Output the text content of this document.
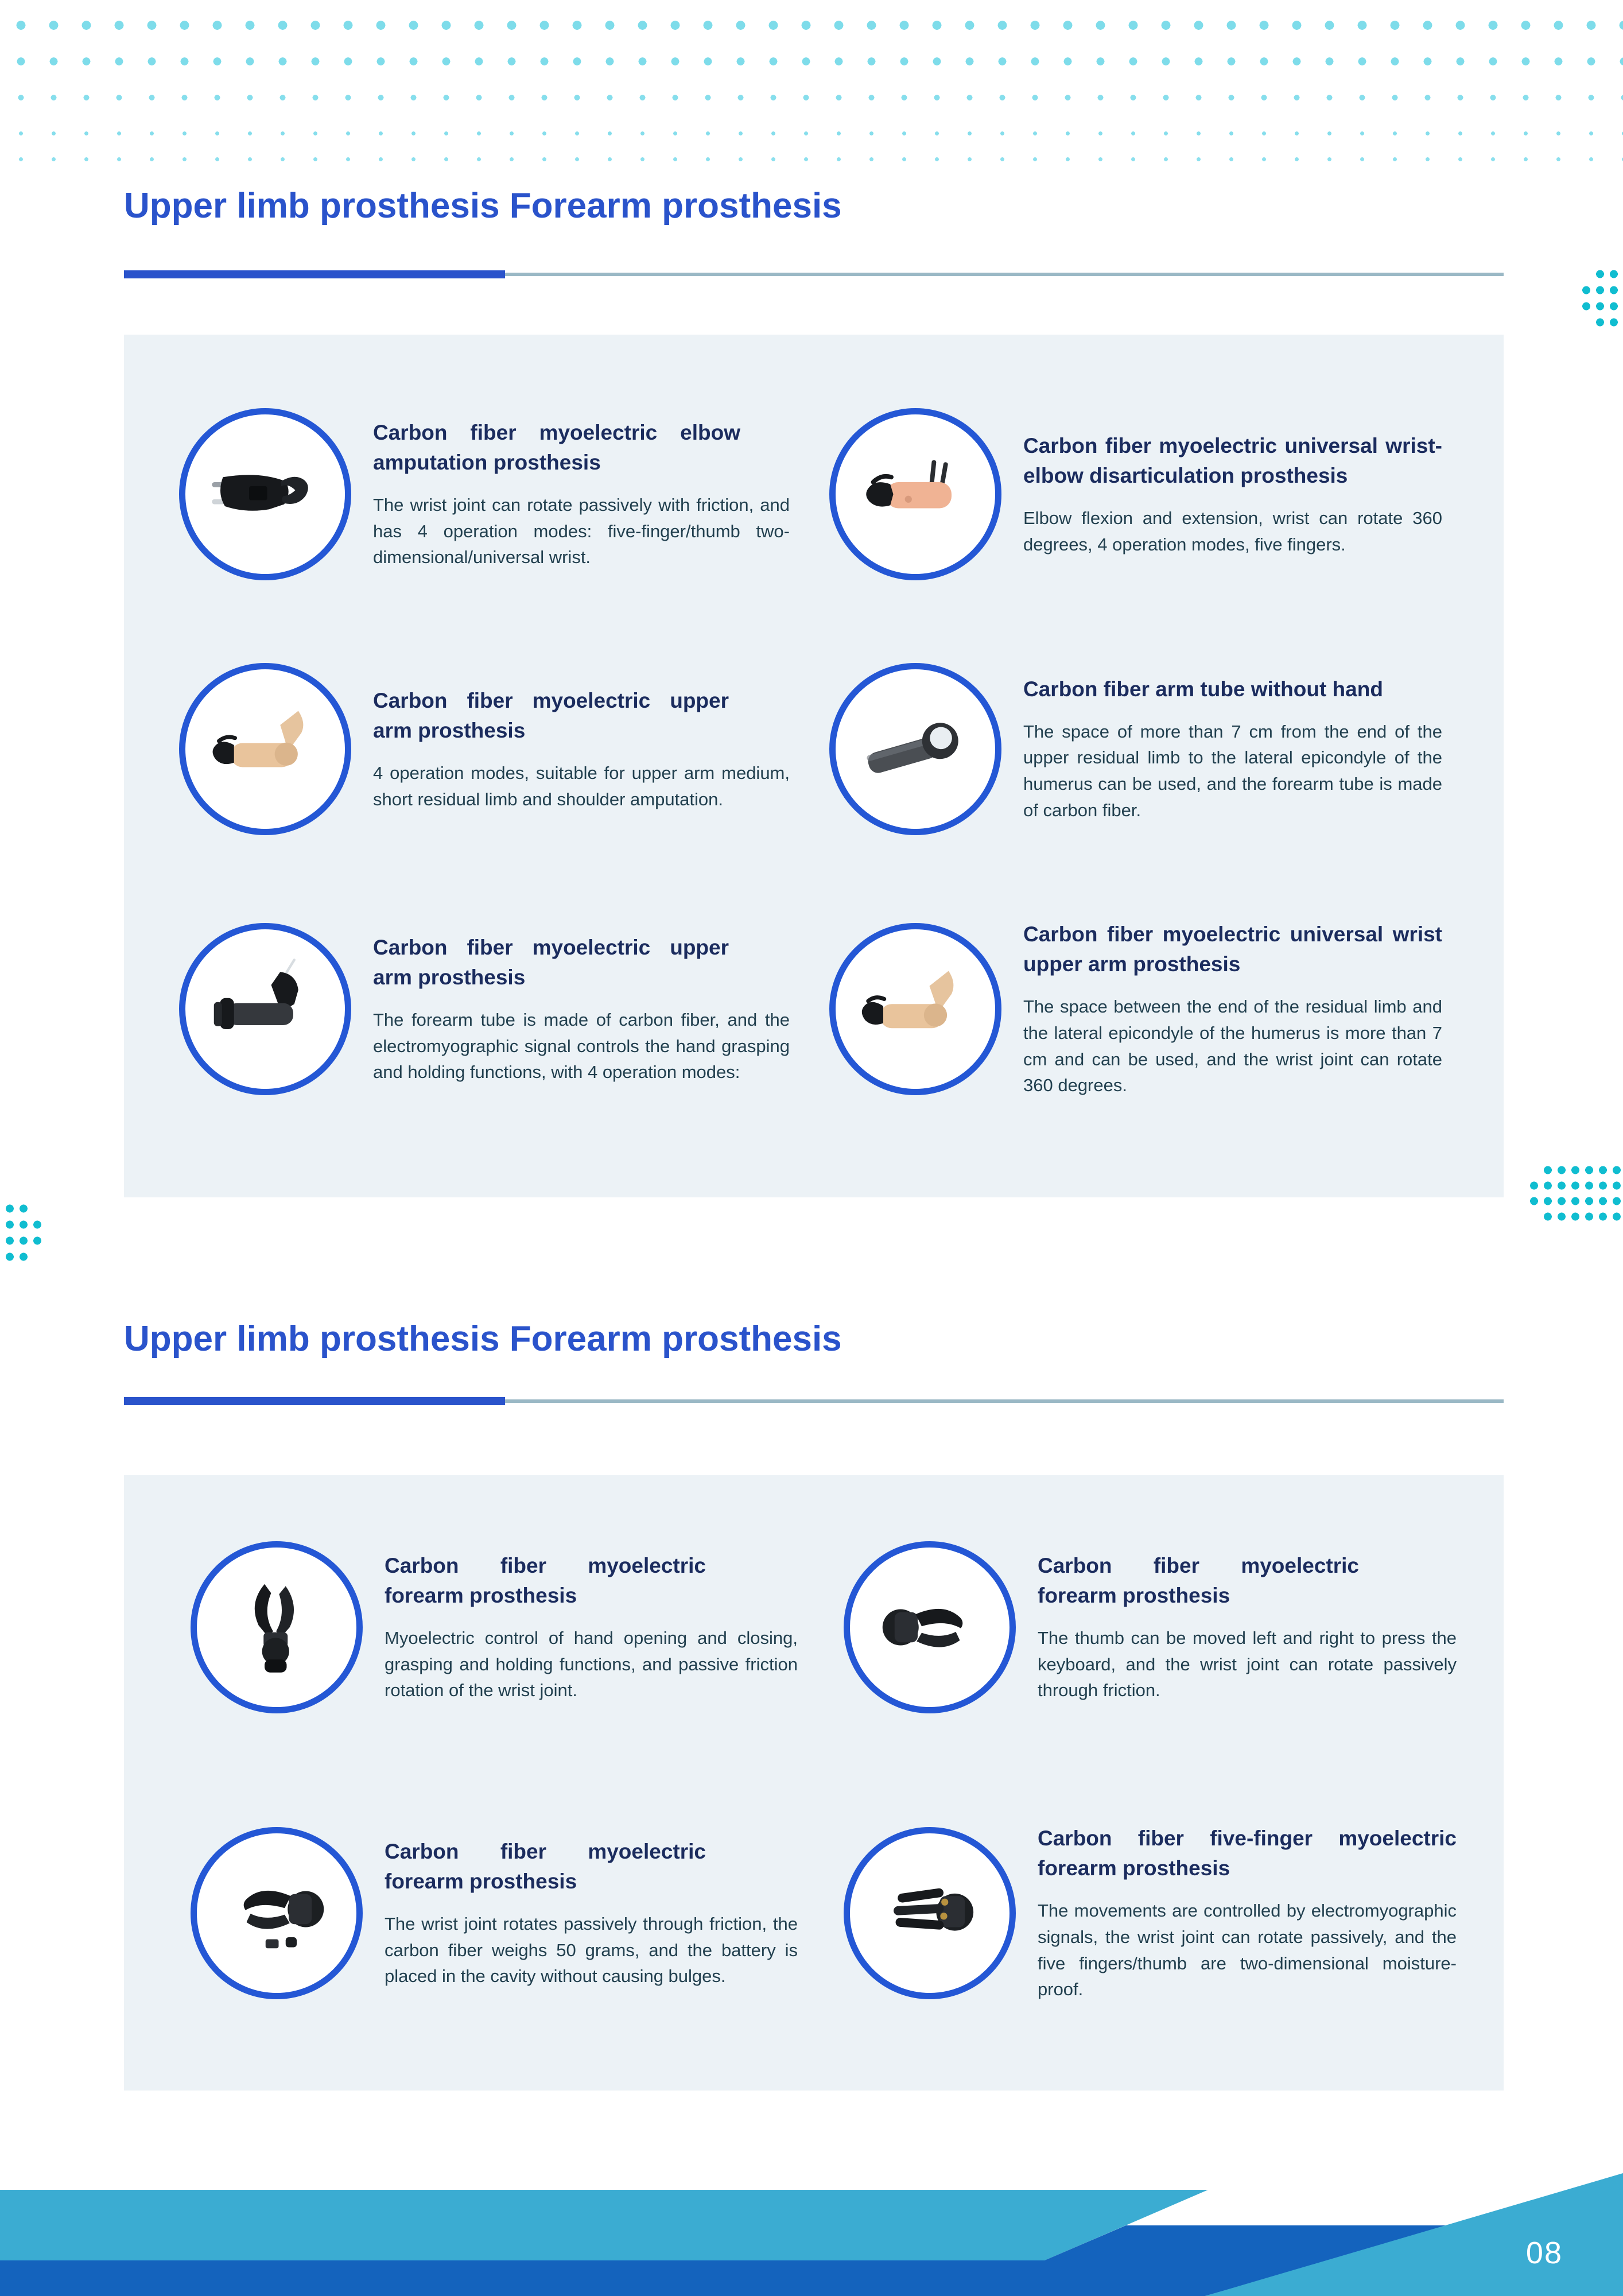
Upper limb prosthesis Forearm prosthesis
Carbon fiber myoelectric elbow amputation prosthesis

The wrist joint can rotate passively with friction, and has 4 operation modes: five-finger/thumb two-dimensional/universal wrist.

Carbon fiber myoelectric universal wrist-elbow disarticulation prosthesis

Elbow flexion and extension, wrist can rotate 360 degrees, 4 operation modes, five fingers.

Carbon fiber myoelectric upper arm prosthesis

4 operation modes, suitable for upper arm medium, short residual limb and shoulder amputation.

Carbon fiber arm tube without hand

The space of more than 7 cm from the end of the upper residual limb to the lateral epicondyle of the humerus can be used, and the forearm tube is made of carbon fiber.

Carbon fiber myoelectric upper arm prosthesis

The forearm tube is made of carbon fiber, and the electromyographic signal controls the hand grasping and holding functions, with 4 operation modes:

Carbon fiber myoelectric universal wrist upper arm prosthesis

The space between the end of the residual limb and the lateral epicondyle of the humerus is more than 7 cm and can be used, and the wrist joint can rotate 360 degrees.

Upper limb prosthesis Forearm prosthesis
Carbon fiber myoelectric forearm prosthesis

Myoelectric control of hand opening and closing, grasping and holding functions, and passive friction rotation of the wrist joint.

Carbon fiber myoelectric forearm prosthesis

The thumb can be moved left and right to press the keyboard, and the wrist joint can rotate passively through friction.

Carbon fiber myoelectric forearm prosthesis

The wrist joint rotates passively through friction, the carbon fiber weighs 50 grams, and the battery is placed in the cavity without causing bulges.

Carbon fiber five-finger myoelectric forearm prosthesis

The movements are controlled by electromyographic signals, the wrist joint can rotate passively, and the five fingers/thumb are two-dimensional moisture-proof.

08
